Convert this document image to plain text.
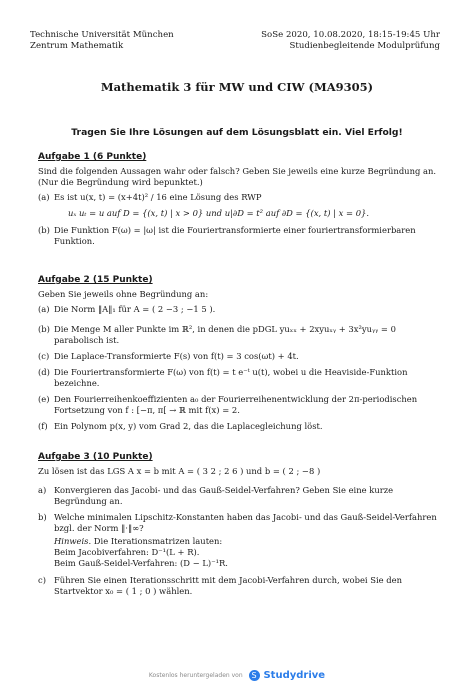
Technische Universität München
Zentrum Mathematik
SoSe 2020, 10.08.2020, 18:15-19:45 Uhr
Studienbegleitende Modulprüfung
Mathematik 3 für MW und CIW (MA9305)
Tragen Sie Ihre Lösungen auf dem Lösungsblatt ein. Viel Erfolg!
Aufgabe 1 (6 Punkte)

Sind die folgenden Aussagen wahr oder falsch? Geben Sie jeweils eine kurze Begründung an. (Nur die Begründung wird bepunktet.)

(a) Es ist u(x, t) = (x+4t)² / 16 eine Lösung des RWP
uₓ uₜ = u auf D = {(x, t) | x > 0} und u|∂D = t² auf ∂D = {(x, t) | x = 0}.
(b) Die Funktion F(ω) = |ω| ist die Fouriertransformierte einer fouriertransformierbaren Funktion.
Aufgabe 2 (15 Punkte)

Geben Sie jeweils ohne Begründung an:

(a) Die Norm ‖A‖₁ für A = ( 2 −3 ; −1 5 ).
(b) Die Menge M aller Punkte im ℝ², in denen die pDGL yuₓₓ + 2xyuₓᵧ + 3x²yuᵧᵧ = 0 parabolisch ist.
(c) Die Laplace-Transformierte F(s) von f(t) = 3 cos(ωt) + 4t.
(d) Die Fouriertransformierte F(ω) von f(t) = t e⁻ᵗ u(t), wobei u die Heaviside-Funktion bezeichne.
(e) Den Fourierreihenkoeffizienten a₀ der Fourierreihenentwicklung der 2π-periodischen Fortsetzung von f : [−π, π[ → ℝ mit f(x) = 2.
(f) Ein Polynom p(x, y) vom Grad 2, das die Laplacegleichung löst.
Aufgabe 3 (10 Punkte)

Zu lösen ist das LGS A x = b mit A = ( 3 2 ; 2 6 ) und b = ( 2 ; −8 )

a) Konvergieren das Jacobi- und das Gauß-Seidel-Verfahren? Geben Sie eine kurze Begründung an.
b) Welche minimalen Lipschitz-Konstanten haben das Jacobi- und das Gauß-Seidel-Verfahren bzgl. der Norm ‖·‖∞?
Hinweis. Die Iterationsmatrizen lauten:
Beim Jacobiverfahren: D⁻¹(L + R).
Beim Gauß-Seidel-Verfahren: (D − L)⁻¹R.
c) Führen Sie einen Iterationsschritt mit dem Jacobi-Verfahren durch, wobei Sie den Startvektor x₀ = ( 1 ; 0 ) wählen.
Kostenlos heruntergeladen von S Studydrive
